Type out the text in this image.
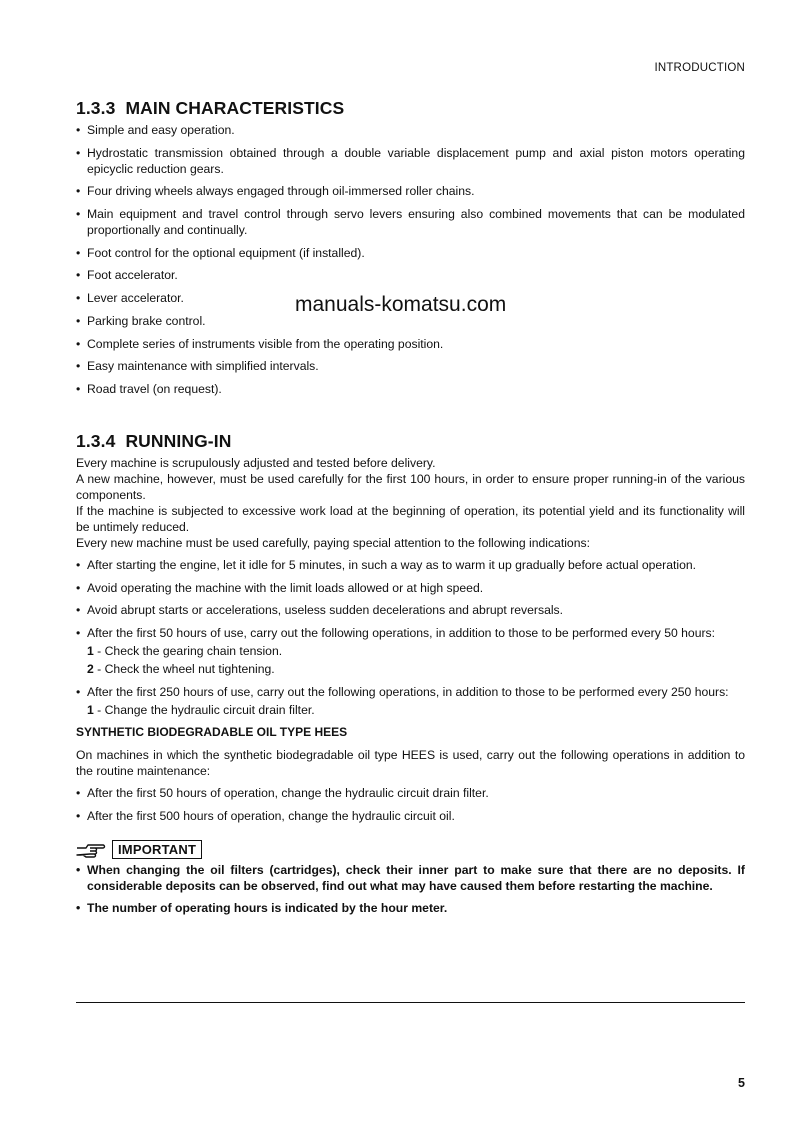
INTRODUCTION
manuals-komatsu.com
1.3.3 MAIN CHARACTERISTICS
• Simple and easy operation.
• Hydrostatic transmission obtained through a double variable displacement pump and axial piston motors operating epicyclic reduction gears.
• Four driving wheels always engaged through oil-immersed roller chains.
• Main equipment and travel control through servo levers ensuring also combined movements that can be modulated proportionally and continually.
• Foot control for the optional equipment (if installed).
• Foot accelerator.
• Lever accelerator.
• Parking brake control.
• Complete series of instruments visible from the operating position.
• Easy maintenance with simplified intervals.
• Road travel (on request).
1.3.4 RUNNING-IN

Every machine is scrupulously adjusted and tested before delivery.

A new machine, however, must be used carefully for the first 100 hours, in order to ensure proper running-in of the various components.

If the machine is subjected to excessive work load at the beginning of operation, its potential yield and its functionality will be untimely reduced.

Every new machine must be used carefully, paying special attention to the following indications:

• After starting the engine, let it idle for 5 minutes, in such a way as to warm it up gradually before actual operation.
• Avoid operating the machine with the limit loads allowed or at high speed.
• Avoid abrupt starts or accelerations, useless sudden decelerations and abrupt reversals.
• After the first 50 hours of use, carry out the following operations, in addition to those to be performed every 50 hours:
1 - Check the gearing chain tension.
2 - Check the wheel nut tightening.
• After the first 250 hours of use, carry out the following operations, in addition to those to be performed every 250 hours:
1 - Change the hydraulic circuit drain filter.
SYNTHETIC BIODEGRADABLE OIL TYPE HEES

On machines in which the synthetic biodegradable oil type HEES is used, carry out the following operations in addition to the routine maintenance:

• After the first 50 hours of operation, change the hydraulic circuit drain filter.
• After the first 500 hours of operation, change the hydraulic circuit oil.
IMPORTANT
• When changing the oil filters (cartridges), check their inner part to make sure that there are no deposits. If considerable deposits can be observed, find out what may have caused them before restarting the machine.
• The number of operating hours is indicated by the hour meter.
5
